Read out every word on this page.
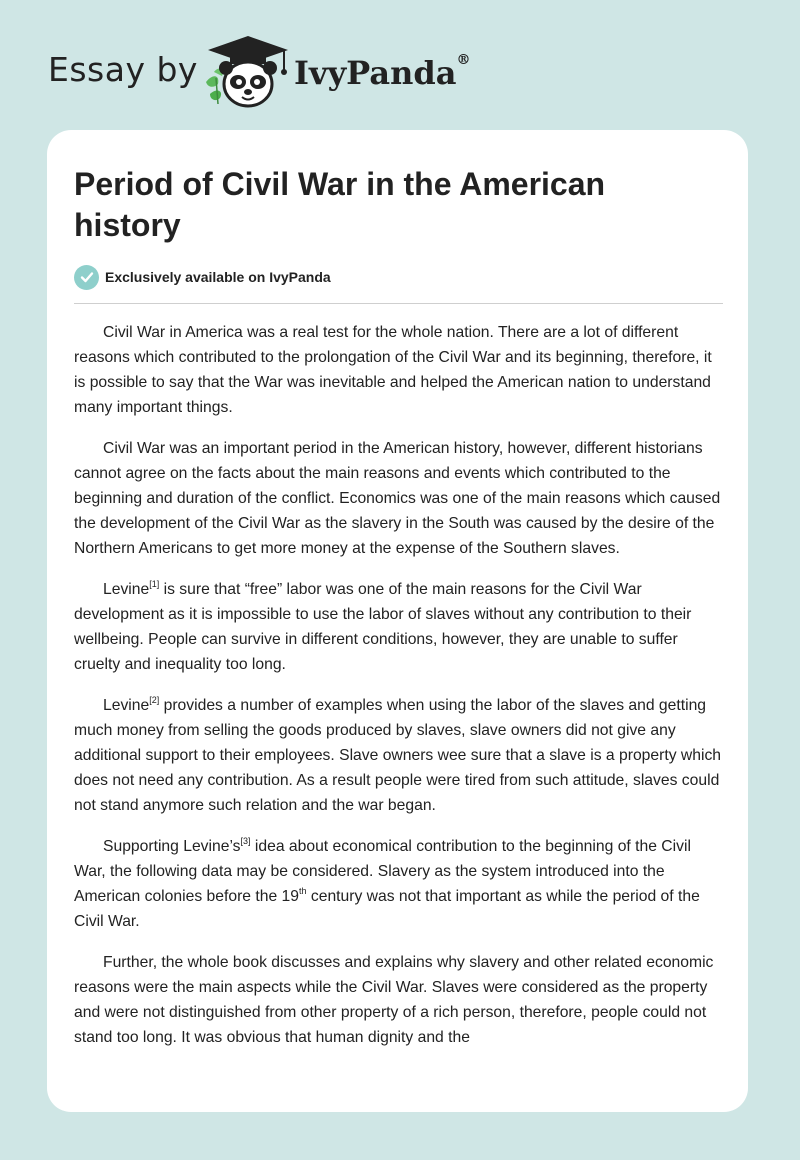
Essay by	IvyPanda®
Period of Civil War in the American history
Exclusively available on IvyPanda

Civil War in America was a real test for the whole nation. There are a lot of different reasons which contributed to the prolongation of the Civil War and its beginning, therefore, it is possible to say that the War was inevitable and helped the American nation to understand many important things.

Civil War was an important period in the American history, however, different historians cannot agree on the facts about the main reasons and events which contributed to the beginning and duration of the conflict. Economics was one of the main reasons which caused the development of the Civil War as the slavery in the South was caused by the desire of the Northern Americans to get more money at the expense of the Southern slaves.

Levine[1] is sure that “free” labor was one of the main reasons for the Civil War development as it is impossible to use the labor of slaves without any contribution to their wellbeing. People can survive in different conditions, however, they are unable to suffer cruelty and inequality too long.

Levine[2] provides a number of examples when using the labor of the slaves and getting much money from selling the goods produced by slaves, slave owners did not give any additional support to their employees. Slave owners wee sure that a slave is a property which does not need any contribution. As a result people were tired from such attitude, slaves could not stand anymore such relation and the war began.

Supporting Levine’s[3] idea about economical contribution to the beginning of the Civil War, the following data may be considered. Slavery as the system introduced into the American colonies before the 19th century was not that important as while the period of the Civil War.

Further, the whole book discusses and explains why slavery and other related economic reasons were the main aspects while the Civil War. Slaves were considered as the property and were not distinguished from other property of a rich person, therefore, people could not stand too long. It was obvious that human dignity and the
